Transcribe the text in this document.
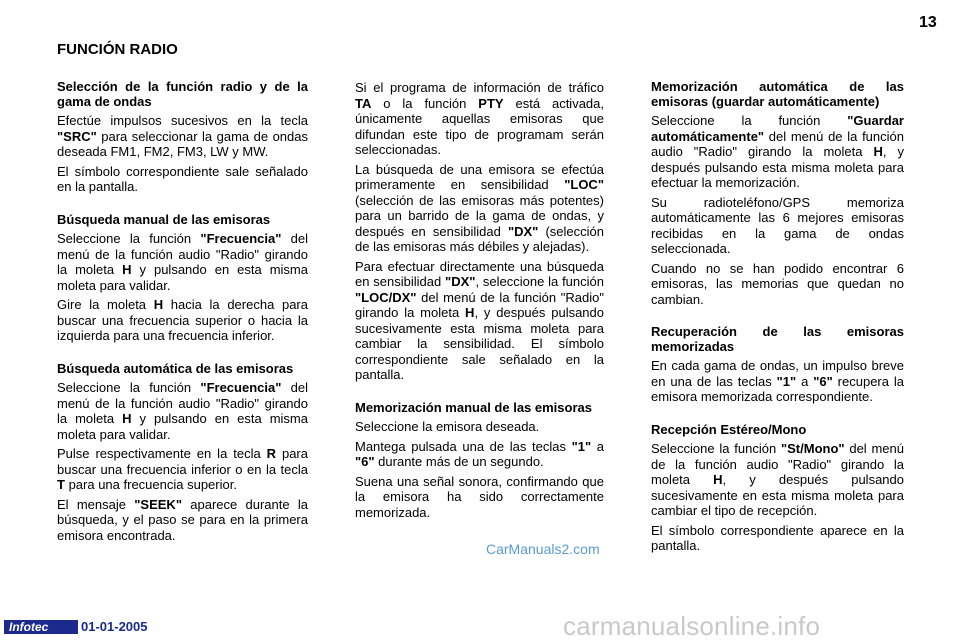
13
FUNCIÓN RADIO

Selección de la función radio y de la gama de ondas

Efectúe impulsos sucesivos en la tecla "SRC" para seleccionar la gama de ondas deseada FM1, FM2, FM3, LW y MW.

El símbolo correspondiente sale señalado en la pantalla.

Búsqueda manual de las emisoras

Seleccione la función "Frecuencia" del menú de la función audio "Radio" girando la moleta H y pulsando en esta misma moleta para validar.

Gire la moleta H hacia la derecha para buscar una frecuencia superior o hacia la izquierda para una frecuencia inferior.

Búsqueda automática de las emisoras

Seleccione la función "Frecuencia" del menú de la función audio "Radio" girando la moleta H y pulsando en esta misma moleta para validar.

Pulse respectivamente en la tecla R para buscar una frecuencia inferior o en la tecla T para una frecuencia superior.

El mensaje "SEEK" aparece durante la búsqueda, y el paso se para en la primera emisora encontrada.

Si el programa de información de tráfico TA o la función PTY está activada, únicamente aquellas emisoras que difundan este tipo de programam serán seleccionadas.

La búsqueda de una emisora se efectúa primeramente en sensibilidad "LOC" (selección de las emisoras más potentes) para un barrido de la gama de ondas, y después en sensibilidad "DX" (selección de las emisoras más débiles y alejadas).

Para efectuar directamente una búsqueda en sensibilidad "DX", seleccione la función "LOC/DX" del menú de la función "Radio" girando la moleta H, y después pulsando sucesivamente esta misma moleta para cambiar la sensibilidad. El símbolo correspondiente sale señalado en la pantalla.

Memorización manual de las emisoras

Seleccione la emisora deseada.

Mantega pulsada una de las teclas "1" a "6" durante más de un segundo.

Suena una señal sonora, confirmando que la emisora ha sido correctamente memorizada.

Memorización automática de las emisoras (guardar automáticamente)

Seleccione la función "Guardar automáticamente" del menú de la función audio "Radio" girando la moleta H, y después pulsando esta misma moleta para efectuar la memorización.

Su radioteléfono/GPS memoriza automáticamente las 6 mejores emisoras recibidas en la gama de ondas seleccionada.

Cuando no se han podido encontrar 6 emisoras, las memorias que quedan no cambian.

Recuperación de las emisoras memorizadas

En cada gama de ondas, un impulso breve en una de las teclas "1" a "6" recupera la emisora memorizada correspondiente.

Recepción Estéreo/Mono

Seleccione la función "St/Mono" del menú de la función audio "Radio" girando la moleta H, y después pulsando sucesivamente en esta misma moleta para cambiar el tipo de recepción.

El símbolo correspondiente aparece en la pantalla.

CarManuals2.com
carmanualsonline.info
Infotec	01-01-2005
